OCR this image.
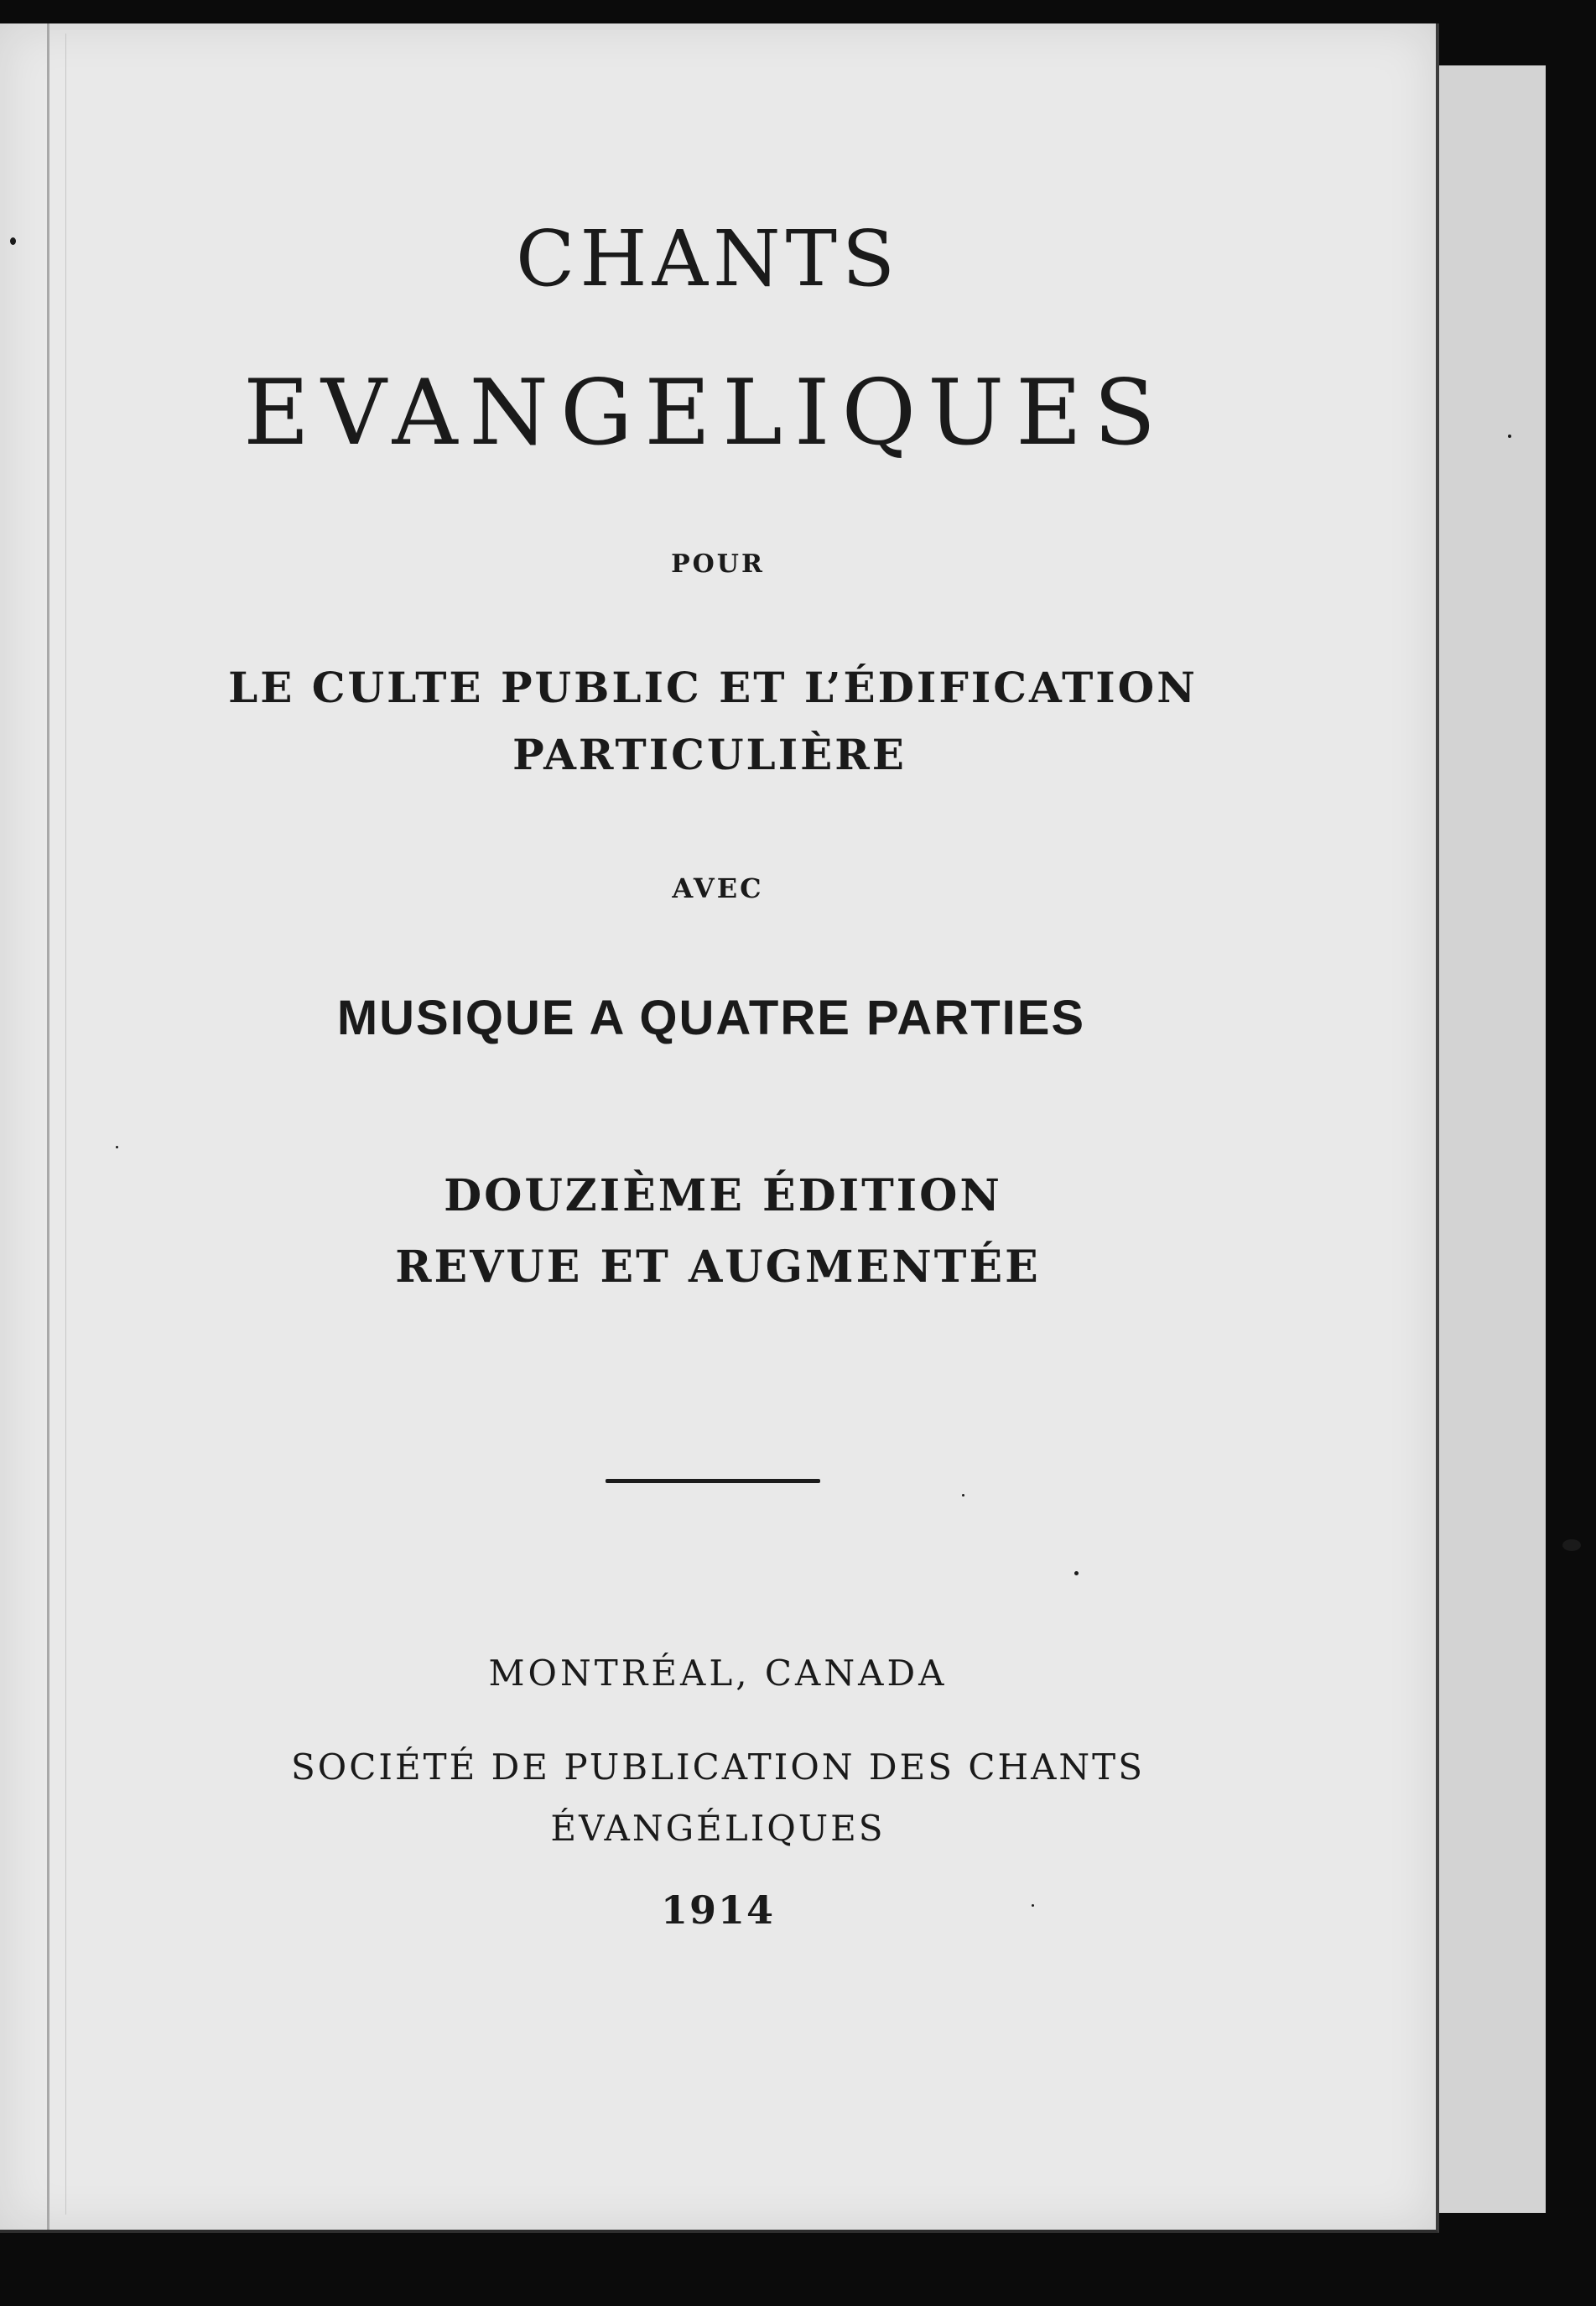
CHANTS
EVANGELIQUES
POUR
LE CULTE PUBLIC ET L’ÉDIFICATION
PARTICULIÈRE
AVEC
MUSIQUE A QUATRE PARTIES
DOUZIÈME ÉDITION
REVUE ET AUGMENTÉE
MONTRÉAL, CANADA
SOCIÉTÉ DE PUBLICATION DES CHANTS
ÉVANGÉLIQUES
1914
